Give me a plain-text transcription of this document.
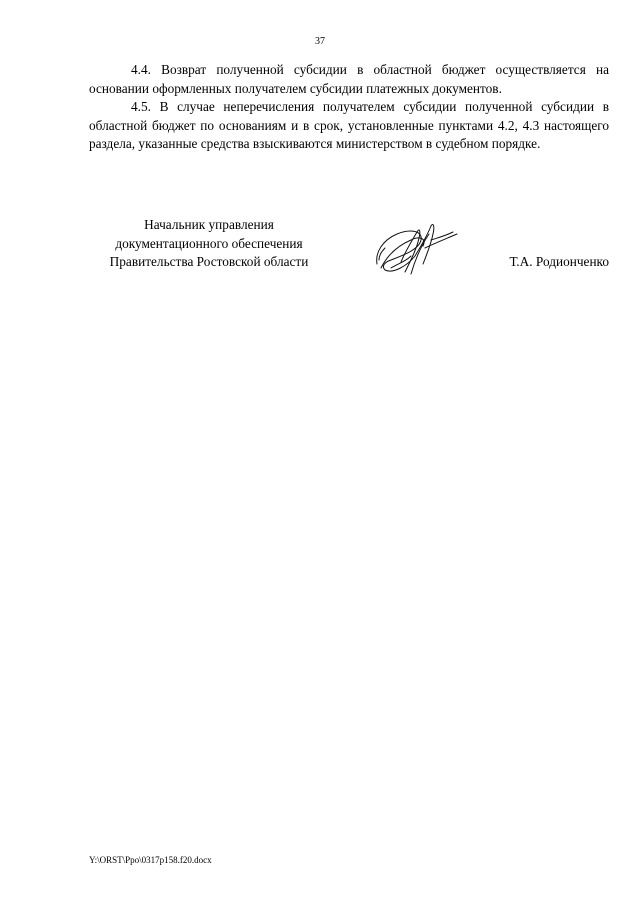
37

4.4. Возврат полученной субсидии в областной бюджет осуществляется на основании оформленных получателем субсидии платежных документов.

4.5. В случае неперечисления получателем субсидии полученной субсидии в областной бюджет по основаниям и в срок, установленные пунктами 4.2, 4.3 настоящего раздела, указанные средства взыскиваются министерством в судебном порядке.

Начальник управления
документационного обеспечения
Правительства Ростовской области	Т.А. Родионченко
Y:\ORST\Ppo\0317p158.f20.docx
